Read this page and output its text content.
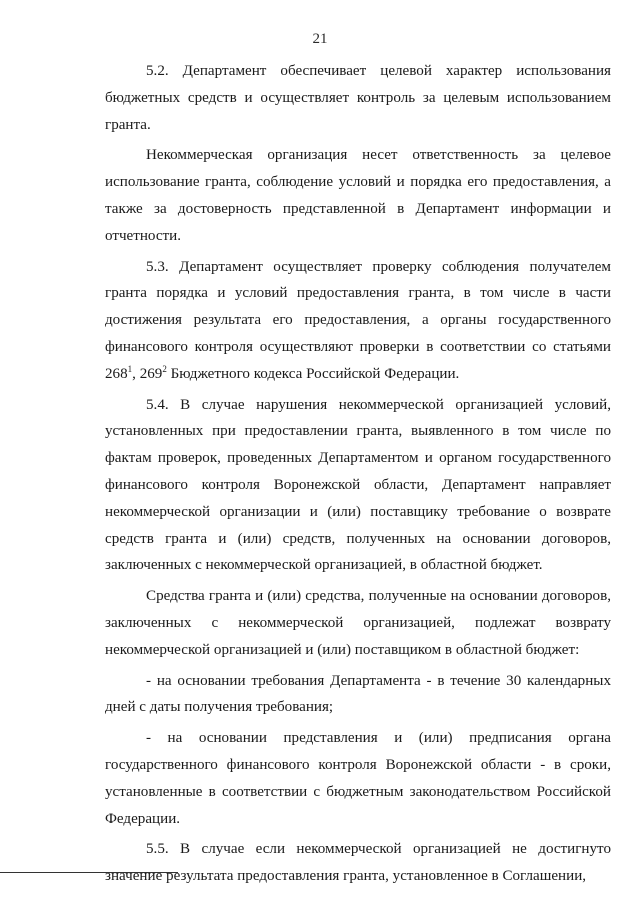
21

5.2. Департамент обеспечивает целевой характер использования бюджетных средств и осуществляет контроль за целевым использованием гранта.

Некоммерческая организация несет ответственность за целевое использование гранта, соблюдение условий и порядка его предоставления, а также за достоверность представленной в Департамент информации и отчетности.

5.3. Департамент осуществляет проверку соблюдения получателем гранта порядка и условий предоставления гранта, в том числе в части достижения результата его предоставления, а органы государственного финансового контроля осуществляют проверки в соответствии со статьями $268^1$, $269^2$ Бюджетного кодекса Российской Федерации.

5.4. В случае нарушения некоммерческой организацией условий, установленных при предоставлении гранта, выявленного в том числе по фактам проверок, проведенных Департаментом и органом государственного финансового контроля Воронежской области, Департамент направляет некоммерческой организации и (или) поставщику требование о возврате средств гранта и (или) средств, полученных на основании договоров, заключенных с некоммерческой организацией, в областной бюджет.

Средства гранта и (или) средства, полученные на основании договоров, заключенных с некоммерческой организацией, подлежат возврату некоммерческой организацией и (или) поставщиком в областной бюджет:

- на основании требования Департамента - в течение 30 календарных дней с даты получения требования;

- на основании представления и (или) предписания органа государственного финансового контроля Воронежской области - в сроки, установленные в соответствии с бюджетным законодательством Российской Федерации.

5.5. В случае если некоммерческой организацией не достигнуто значение результата предоставления гранта, установленное в Соглашении,
